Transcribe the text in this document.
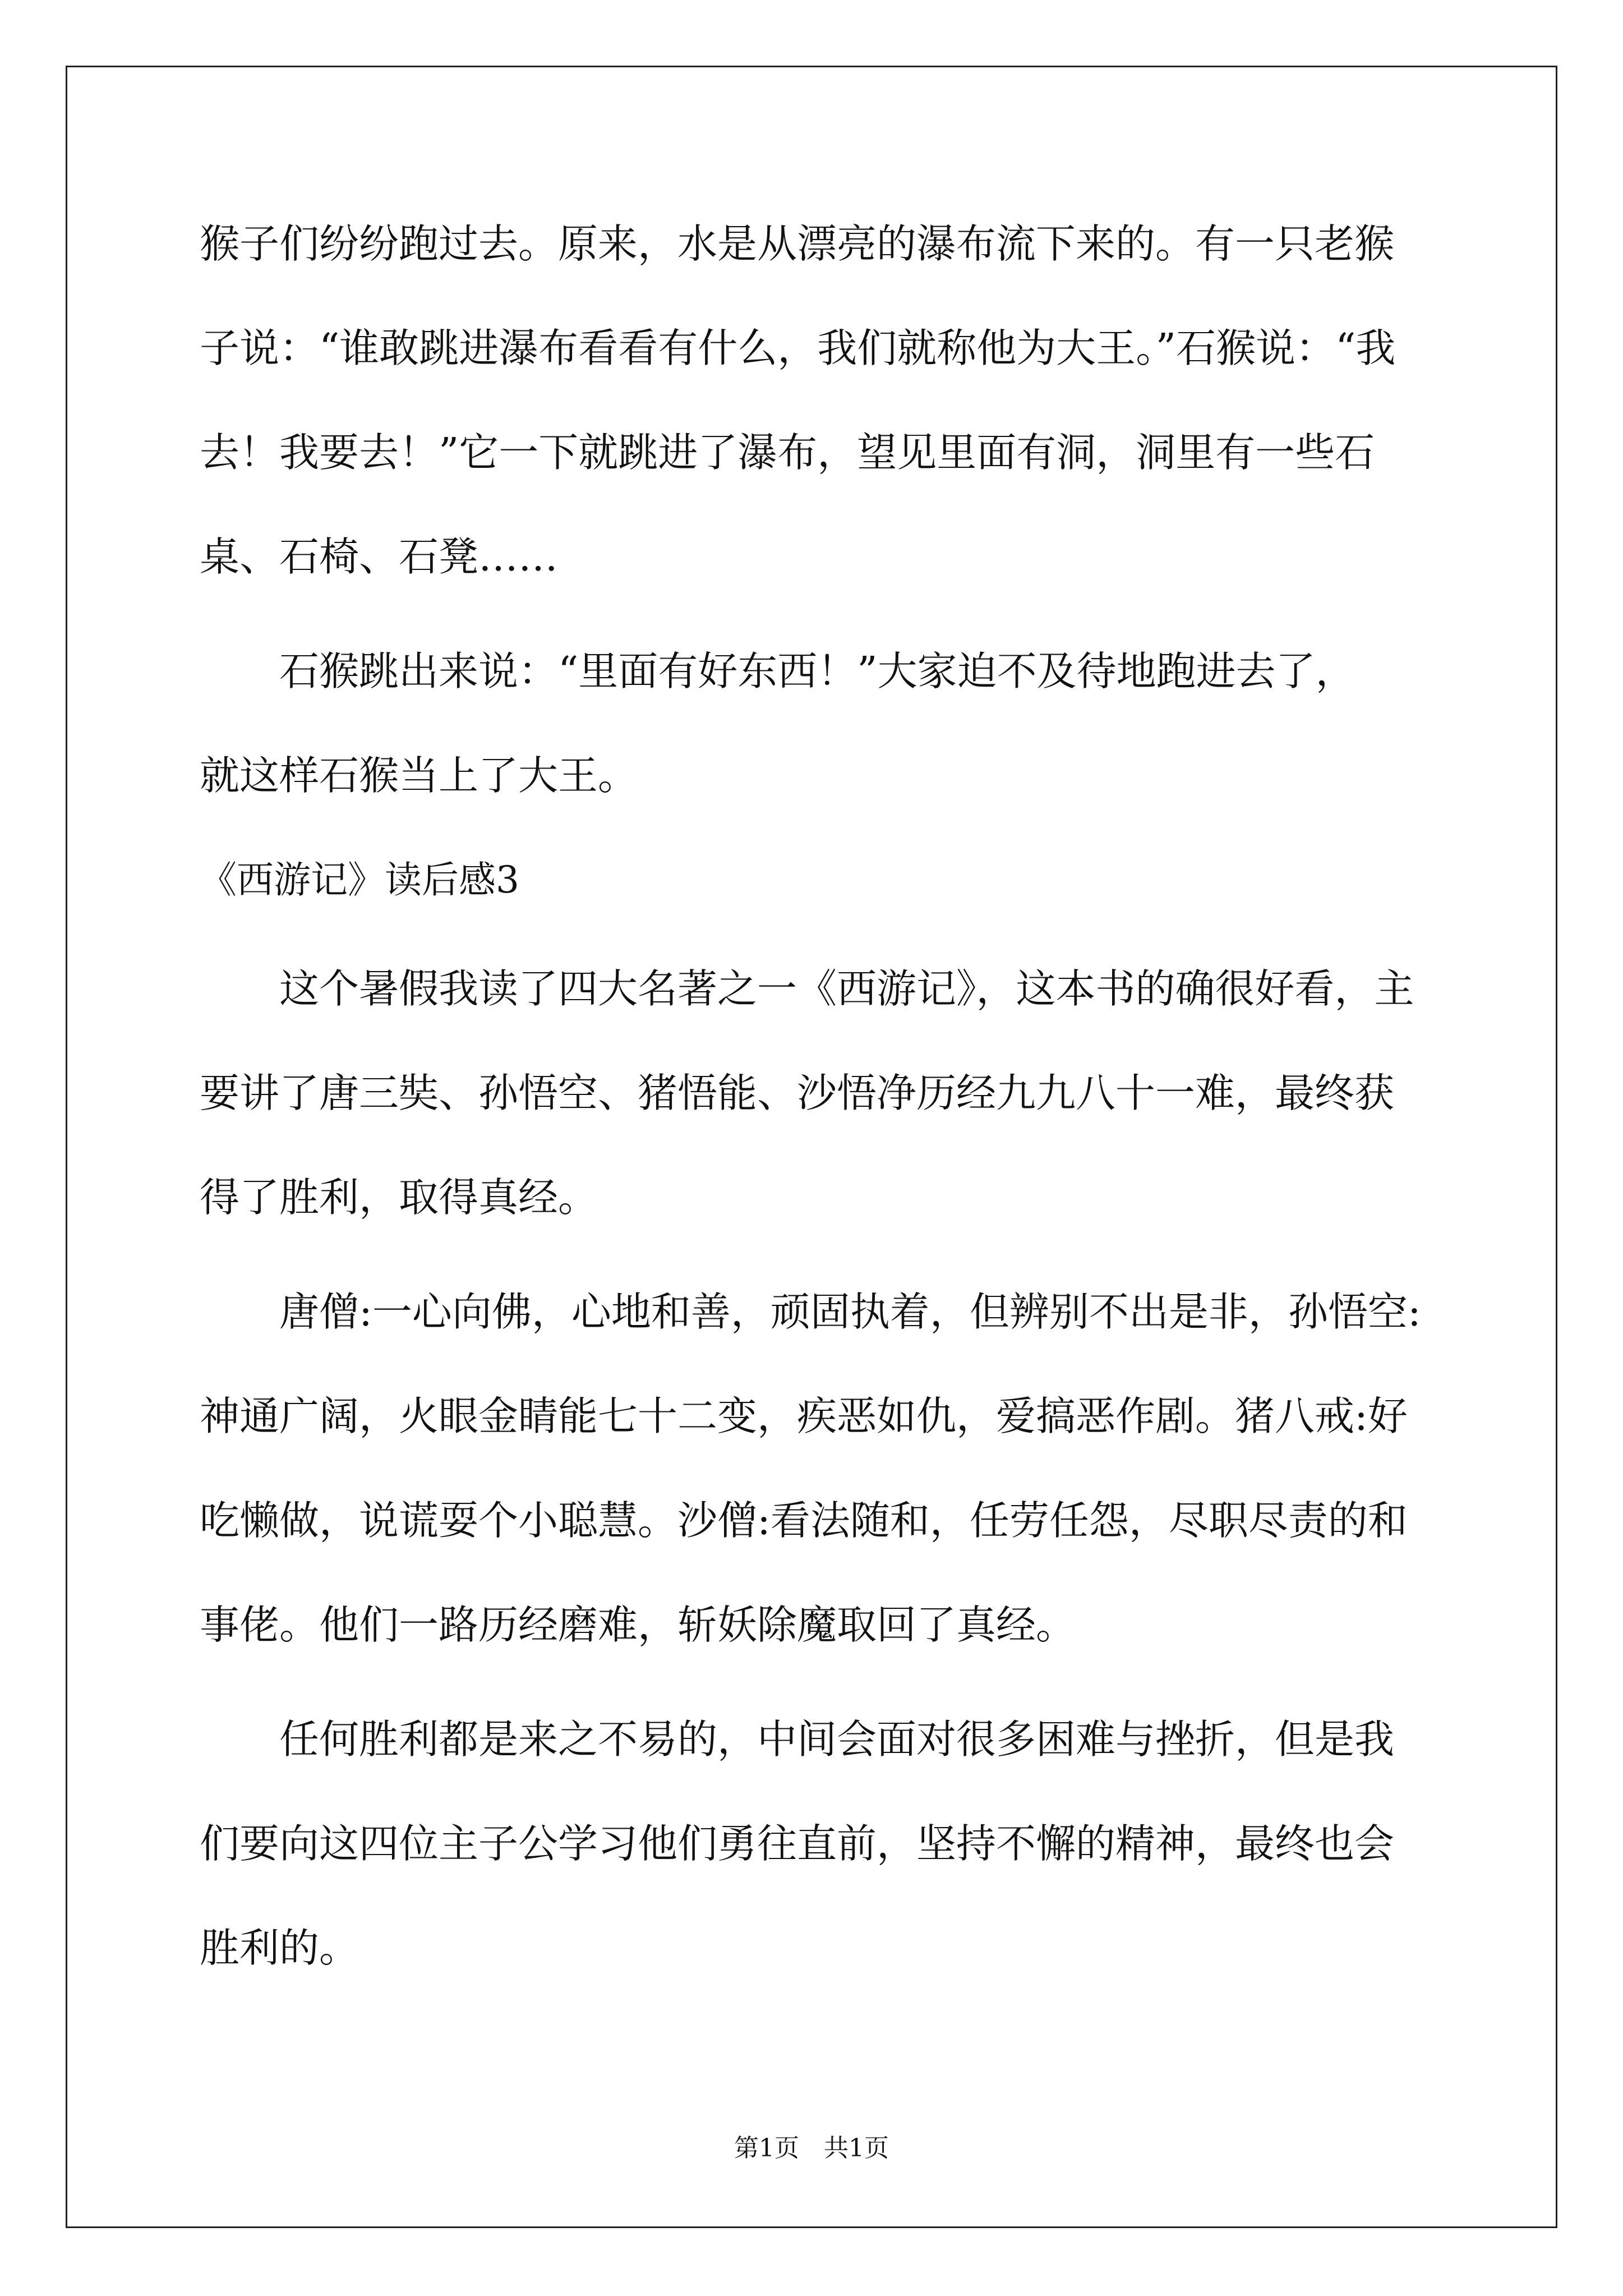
猴子们纷纷跑过去。原来，水是从漂亮的瀑布流下来的。有一只老猴
子说：“谁敢跳进瀑布看看有什么，我们就称他为大王。”石猴说：“我
去！我要去！”它一下就跳进了瀑布，望见里面有洞，洞里有一些石
桌、石椅、石凳……
　　石猴跳出来说：“里面有好东西！”大家迫不及待地跑进去了，
就这样石猴当上了大王。
《西游记》读后感3
　　这个暑假我读了四大名著之一《西游记》，这本书的确很好看，主
要讲了唐三奘、孙悟空、猪悟能、沙悟净历经九九八十一难，最终获
得了胜利，取得真经。
　　唐僧:一心向佛，心地和善，顽固执着，但辨别不出是非，孙悟空:
神通广阔，火眼金睛能七十二变，疾恶如仇，爱搞恶作剧。猪八戒:好
吃懒做，说谎耍个小聪慧。沙僧:看法随和，任劳任怨，尽职尽责的和
事佬。他们一路历经磨难，斩妖除魔取回了真经。
　　任何胜利都是来之不易的，中间会面对很多困难与挫折，但是我
们要向这四位主子公学习他们勇往直前，坚持不懈的精神，最终也会
胜利的。
第1页　共1页
